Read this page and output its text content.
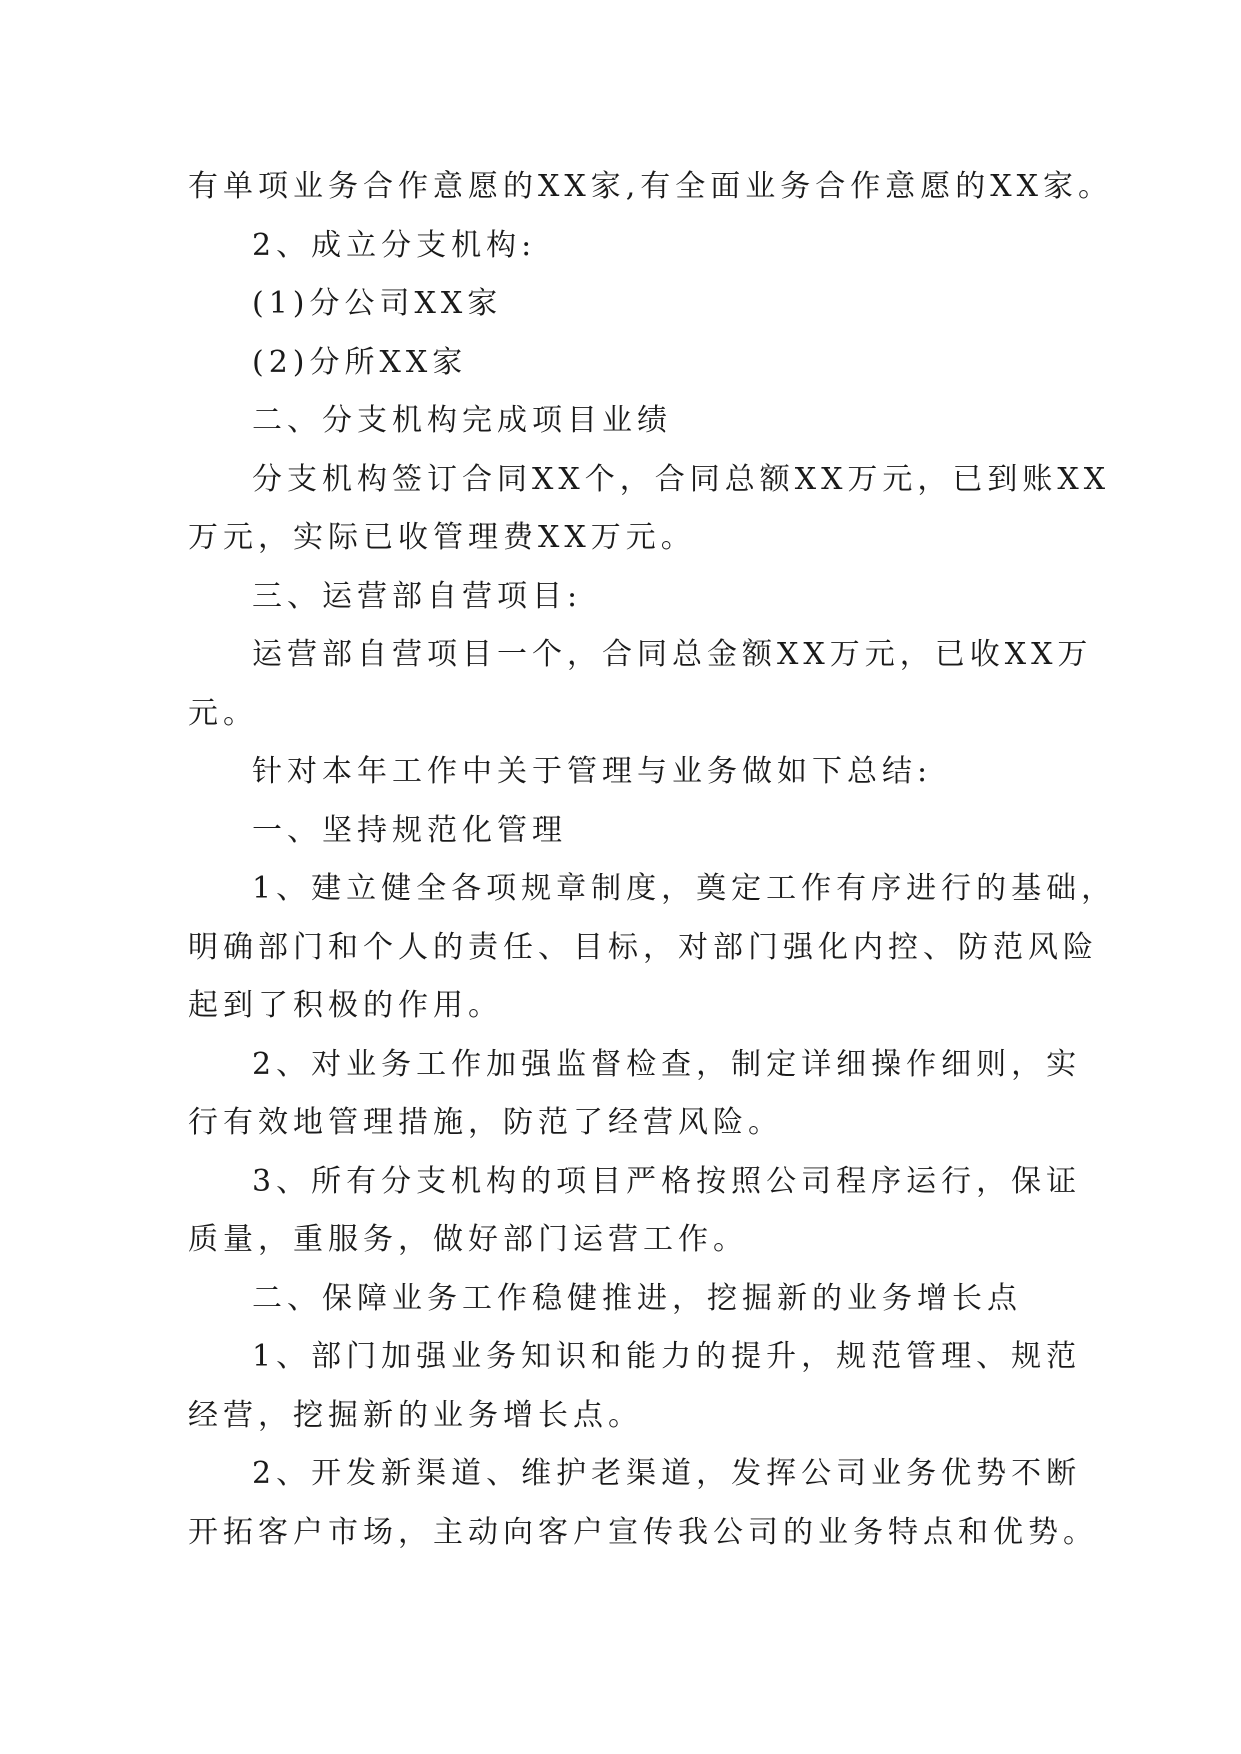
有单项业务合作意愿的XX家,有全面业务合作意愿的XX家。

2、成立分支机构:

(1)分公司XX家

(2)分所XX家

二、分支机构完成项目业绩

分支机构签订合同XX个，合同总额XX万元，已到账XX

万元，实际已收管理费XX万元。

三、运营部自营项目:

运营部自营项目一个，合同总金额XX万元，已收XX万

元。

针对本年工作中关于管理与业务做如下总结:

一、坚持规范化管理

1、建立健全各项规章制度，奠定工作有序进行的基础，

明确部门和个人的责任、目标，对部门强化内控、防范风险

起到了积极的作用。

2、对业务工作加强监督检查，制定详细操作细则，实

行有效地管理措施，防范了经营风险。

3、所有分支机构的项目严格按照公司程序运行，保证

质量，重服务，做好部门运营工作。

二、保障业务工作稳健推进，挖掘新的业务增长点

1、部门加强业务知识和能力的提升，规范管理、规范

经营，挖掘新的业务增长点。

2、开发新渠道、维护老渠道，发挥公司业务优势不断

开拓客户市场，主动向客户宣传我公司的业务特点和优势。
